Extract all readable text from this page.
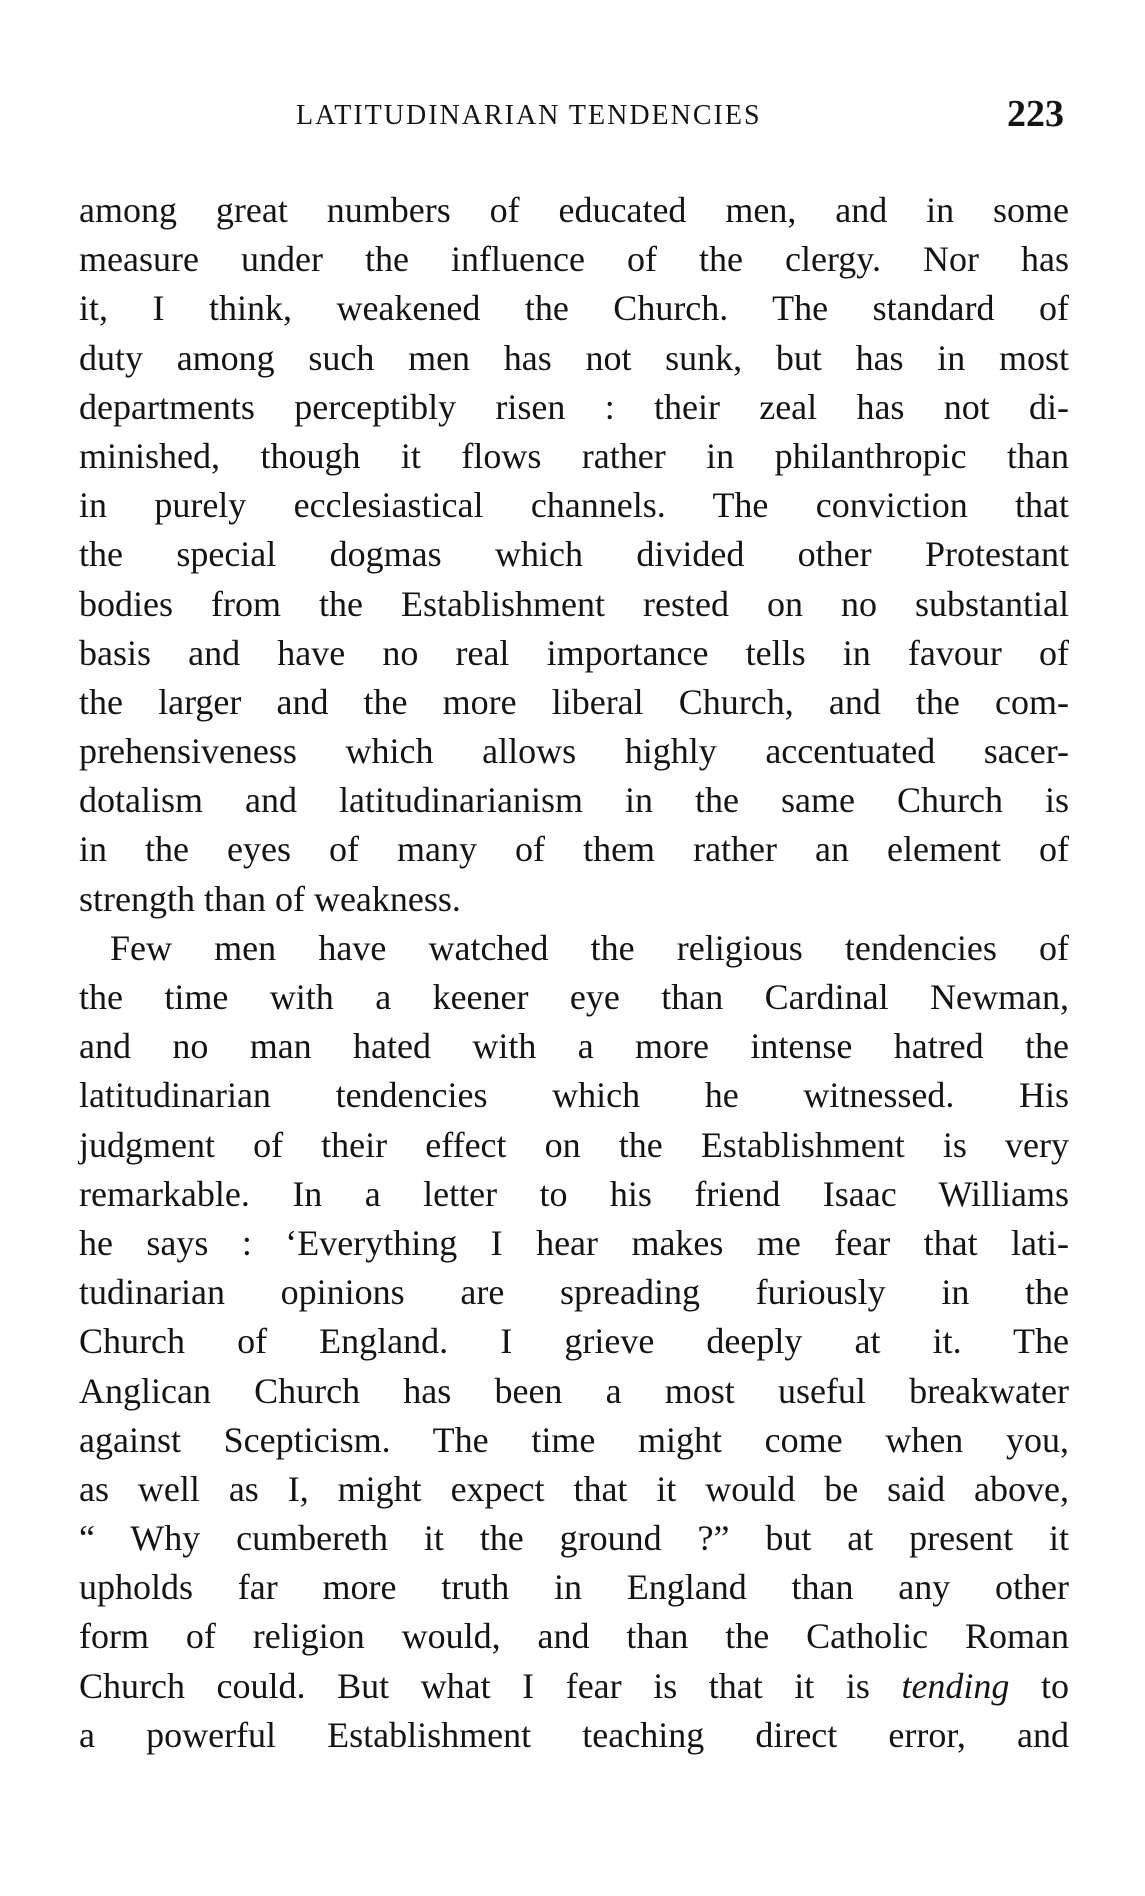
LATITUDINARIAN TENDENCIES	223
among great numbers of educated men, and in some
measure under the influence of the clergy. Nor has
it, I think, weakened the Church. The standard of
duty among such men has not sunk, but has in most
departments perceptibly risen : their zeal has not di-
minished, though it flows rather in philanthropic than
in purely ecclesiastical channels. The conviction that
the special dogmas which divided other Protestant
bodies from the Establishment rested on no substantial
basis and have no real importance tells in favour of
the larger and the more liberal Church, and the com-
prehensiveness which allows highly accentuated sacer-
dotalism and latitudinarianism in the same Church is
in the eyes of many of them rather an element of
strength than of weakness.
Few men have watched the religious tendencies of
the time with a keener eye than Cardinal Newman,
and no man hated with a more intense hatred the
latitudinarian tendencies which he witnessed. His
judgment of their effect on the Establishment is very
remarkable. In a letter to his friend Isaac Williams
he says : ‘Everything I hear makes me fear that lati-
tudinarian opinions are spreading furiously in the
Church of England. I grieve deeply at it. The
Anglican Church has been a most useful breakwater
against Scepticism. The time might come when you,
as well as I, might expect that it would be said above,
“ Why cumbereth it the ground ?” but at present it
upholds far more truth in England than any other
form of religion would, and than the Catholic Roman
Church could. But what I fear is that it is tending to
a powerful Establishment teaching direct error, and
